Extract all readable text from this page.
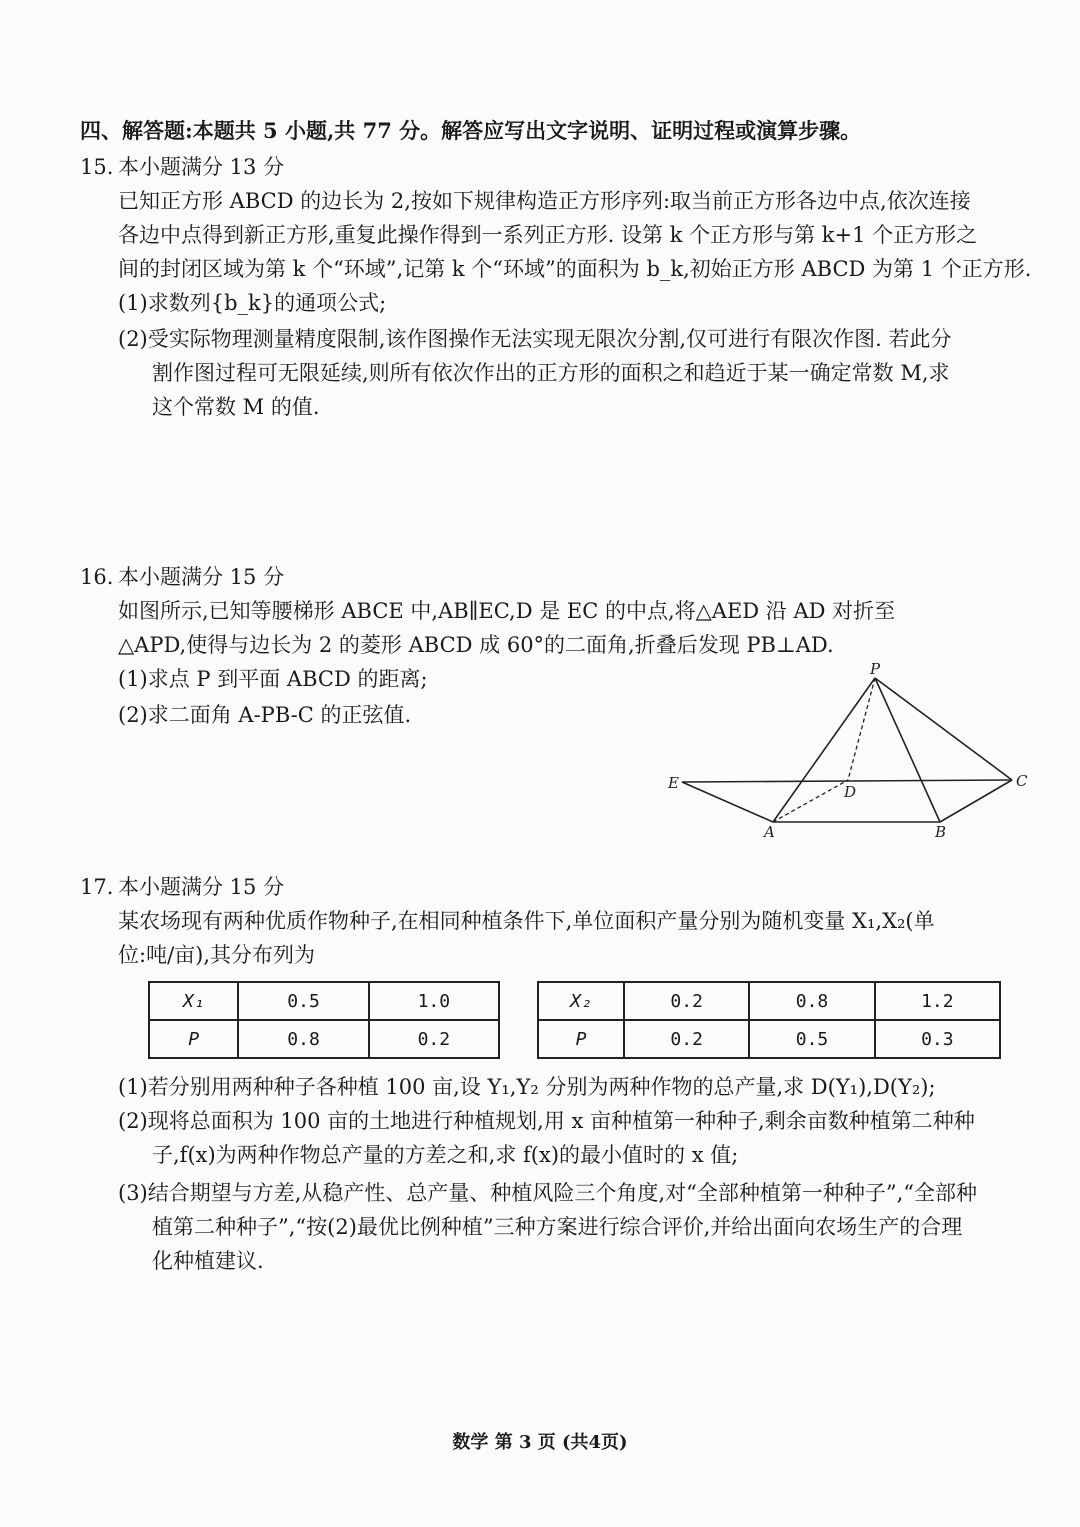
四、解答题:本题共 5 小题,共 77 分。解答应写出文字说明、证明过程或演算步骤。
15. 本小题满分 13 分
已知正方形 ABCD 的边长为 2,按如下规律构造正方形序列:取当前正方形各边中点,依次连接
各边中点得到新正方形,重复此操作得到一系列正方形. 设第 k 个正方形与第 k+1 个正方形之
间的封闭区域为第 k 个“环域”,记第 k 个“环域”的面积为 b_k,初始正方形 ABCD 为第 1 个正方形.
(1)求数列{b_k}的通项公式;
(2)受实际物理测量精度限制,该作图操作无法实现无限次分割,仅可进行有限次作图. 若此分
割作图过程可无限延续,则所有依次作出的正方形的面积之和趋近于某一确定常数 M,求
这个常数 M 的值.
16. 本小题满分 15 分
如图所示,已知等腰梯形 ABCE 中,AB∥EC,D 是 EC 的中点,将△AED 沿 AD 对折至
△APD,使得与边长为 2 的菱形 ABCD 成 60°的二面角,折叠后发现 PB⊥AD.
(1)求点 P 到平面 ABCD 的距离;
(2)求二面角 A-PB-C 的正弦值.
P
E	D
C
A	B
17. 本小题满分 15 分
某农场现有两种优质作物种子,在相同种植条件下,单位面积产量分别为随机变量 X₁,X₂(单
位:吨/亩),其分布列为
X₁	0.5	1.0
P	0.8	0.2
X₂	0.2	0.8	1.2
P	0.2	0.5	0.3
(1)若分别用两种种子各种植 100 亩,设 Y₁,Y₂ 分别为两种作物的总产量,求 D(Y₁),D(Y₂);
(2)现将总面积为 100 亩的土地进行种植规划,用 x 亩种植第一种种子,剩余亩数种植第二种种
子,f(x)为两种作物总产量的方差之和,求 f(x)的最小值时的 x 值;
(3)结合期望与方差,从稳产性、总产量、种植风险三个角度,对“全部种植第一种种子”,“全部种
植第二种种子”,“按(2)最优比例种植”三种方案进行综合评价,并给出面向农场生产的合理
化种植建议.
数学 第 3 页 (共4页)
